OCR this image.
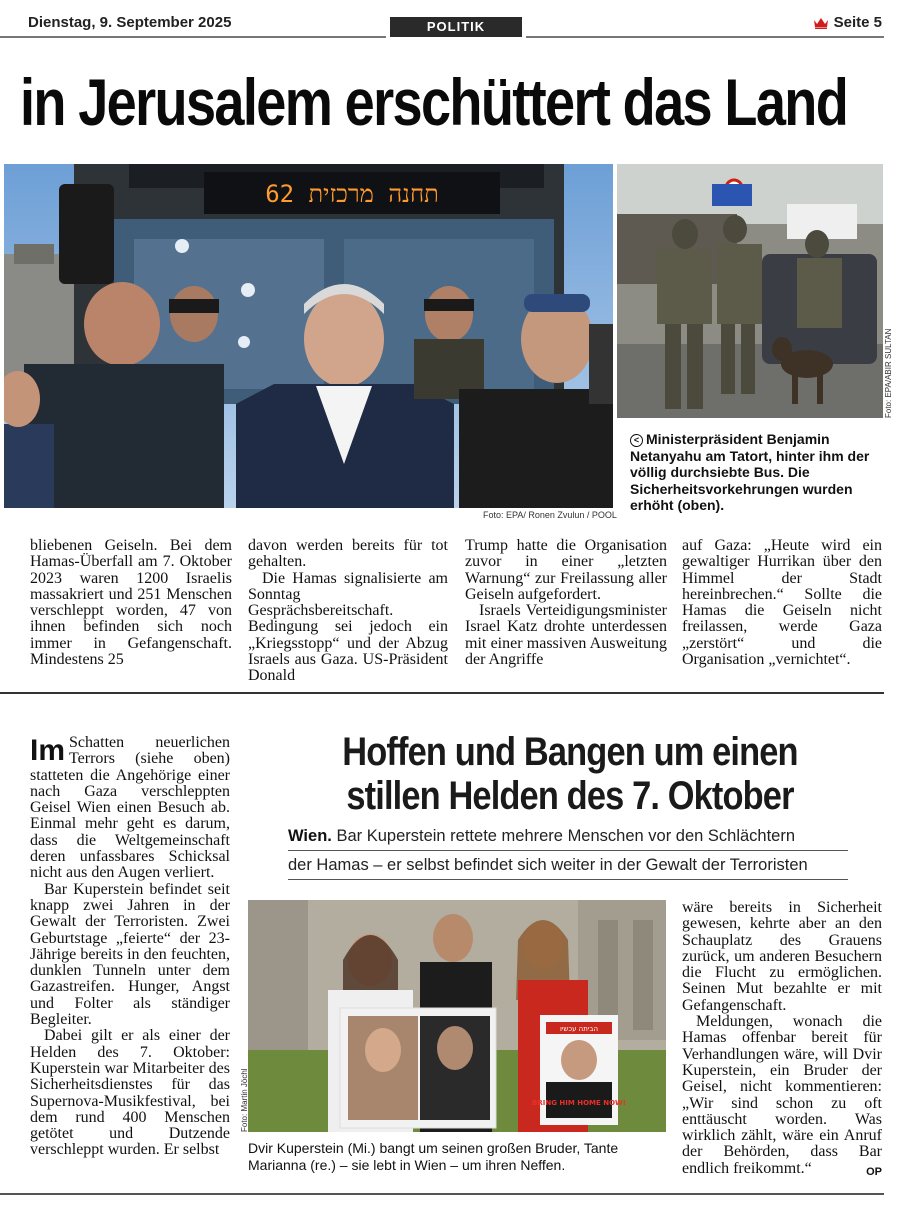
Dienstag, 9. September 2025	POLITIK	Seite 5
in Jerusalem erschüttert das Land
תחנה מרכזית 62
Foto: EPA/ Ronen Zvulun / POOL
Foto: EPA/ABIR SULTAN
< Ministerpräsident Benjamin Netanyahu am Tatort, hinter ihm der völlig durchsiebte Bus. Die Sicherheitsvorkehrungen wurden erhöht (oben).

bliebenen Geiseln. Bei dem Hamas-Überfall am 7. Oktober 2023 waren 1200 Israelis massakriert und 251 Menschen verschleppt worden, 47 von ihnen befinden sich noch immer in Gefangenschaft. Mindestens 25

davon werden bereits für tot gehalten.

Die Hamas signalisierte am Sonntag Gesprächsbereitschaft. Bedingung sei jedoch ein „Kriegsstopp“ und der Abzug Israels aus Gaza. US-Präsident Donald

Trump hatte die Organisation zuvor in einer „letzten Warnung“ zur Freilassung aller Geiseln aufgefordert.

Israels Verteidigungsminister Israel Katz drohte unterdessen mit einer massiven Ausweitung der Angriffe

auf Gaza: „Heute wird ein gewaltiger Hurrikan über den Himmel der Stadt hereinbrechen.“ Sollte die Hamas die Geiseln nicht freilassen, werde Gaza „zerstört“ und die Organisation „vernichtet“.

Hoffen und Bangen um einen
stillen Helden des 7. Oktober
Wien. Bar Kuperstein rettete mehrere Menschen vor den Schlächtern
der Hamas – er selbst befindet sich weiter in der Gewalt der Terroristen

Im Schatten neuerlichen Terrors (siehe oben) statteten die Angehörige einer nach Gaza verschleppten Geisel Wien einen Besuch ab. Einmal mehr geht es darum, dass die Weltgemeinschaft deren unfassbares Schicksal nicht aus den Augen verliert.

Bar Kuperstein befindet seit knapp zwei Jahren in der Gewalt der Terroristen. Zwei Geburtstage „feierte“ der 23-Jährige bereits in den feuchten, dunklen Tunneln unter dem Gazastreifen. Hunger, Angst und Folter als ständiger Begleiter.

Dabei gilt er als einer der Helden des 7. Oktober: Kuperstein war Mitarbeiter des Sicherheitsdienstes für das Supernova-Musikfestival, bei dem rund 400 Menschen getötet und Dutzende verschleppt wurden. Er selbst

הביתה עכשיו
BRING HIM HOME NOW!
Foto: Martin Jöchl
Dvir Kuperstein (Mi.) bangt um seinen großen Bruder, Tante Marianna (re.) – sie lebt in Wien – um ihren Neffen.

wäre bereits in Sicherheit gewesen, kehrte aber an den Schauplatz des Grauens zurück, um anderen Besuchern die Flucht zu ermöglichen. Seinen Mut bezahlte er mit Gefangenschaft.

Meldungen, wonach die Hamas offenbar bereit für Verhandlungen wäre, will Dvir Kuperstein, ein Bruder der Geisel, nicht kommentieren: „Wir sind schon zu oft enttäuscht worden. Was wirklich zählt, wäre ein Anruf der Behörden, dass Bar endlich freikommt.“	OP
